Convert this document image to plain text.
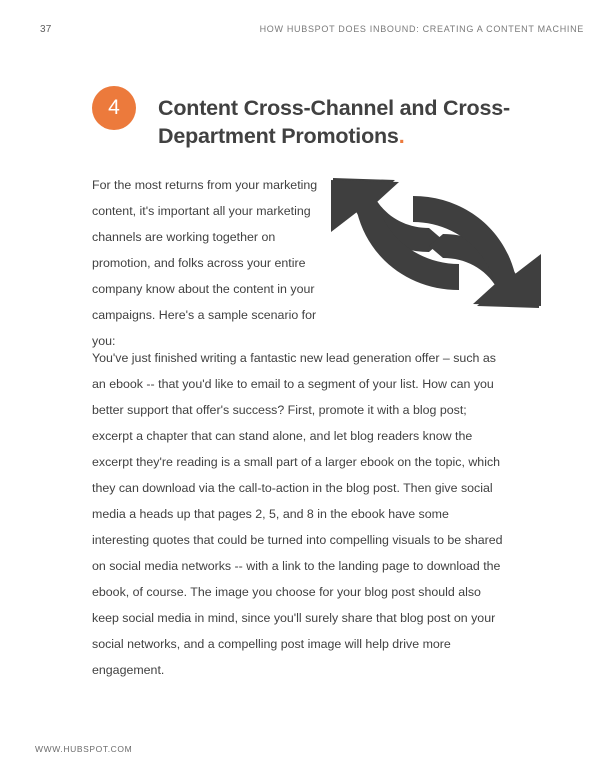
37	HOW HUBSPOT DOES INBOUND: CREATING A CONTENT MACHINE
4	Content Cross-Channel and Cross-Department Promotions.
For the most returns from your marketing content, it's important all your marketing channels are working together on promotion, and folks across your entire company know about the content in your campaigns. Here's a sample scenario for you:
You've just finished writing a fantastic new lead generation offer – such as an ebook -- that you'd like to email to a segment of your list. How can you better support that offer's success? First, promote it with a blog post; excerpt a chapter that can stand alone, and let blog readers know the excerpt they're reading is a small part of a larger ebook on the topic, which they can download via the call-to-action in the blog post. Then give social media a heads up that pages 2, 5, and 8 in the ebook have some interesting quotes that could be turned into compelling visuals to be shared on social media networks -- with a link to the landing page to download the ebook, of course. The image you choose for your blog post should also keep social media in mind, since you'll surely share that blog post on your social networks, and a compelling post image will help drive more engagement.
WWW.HUBSPOT.COM
